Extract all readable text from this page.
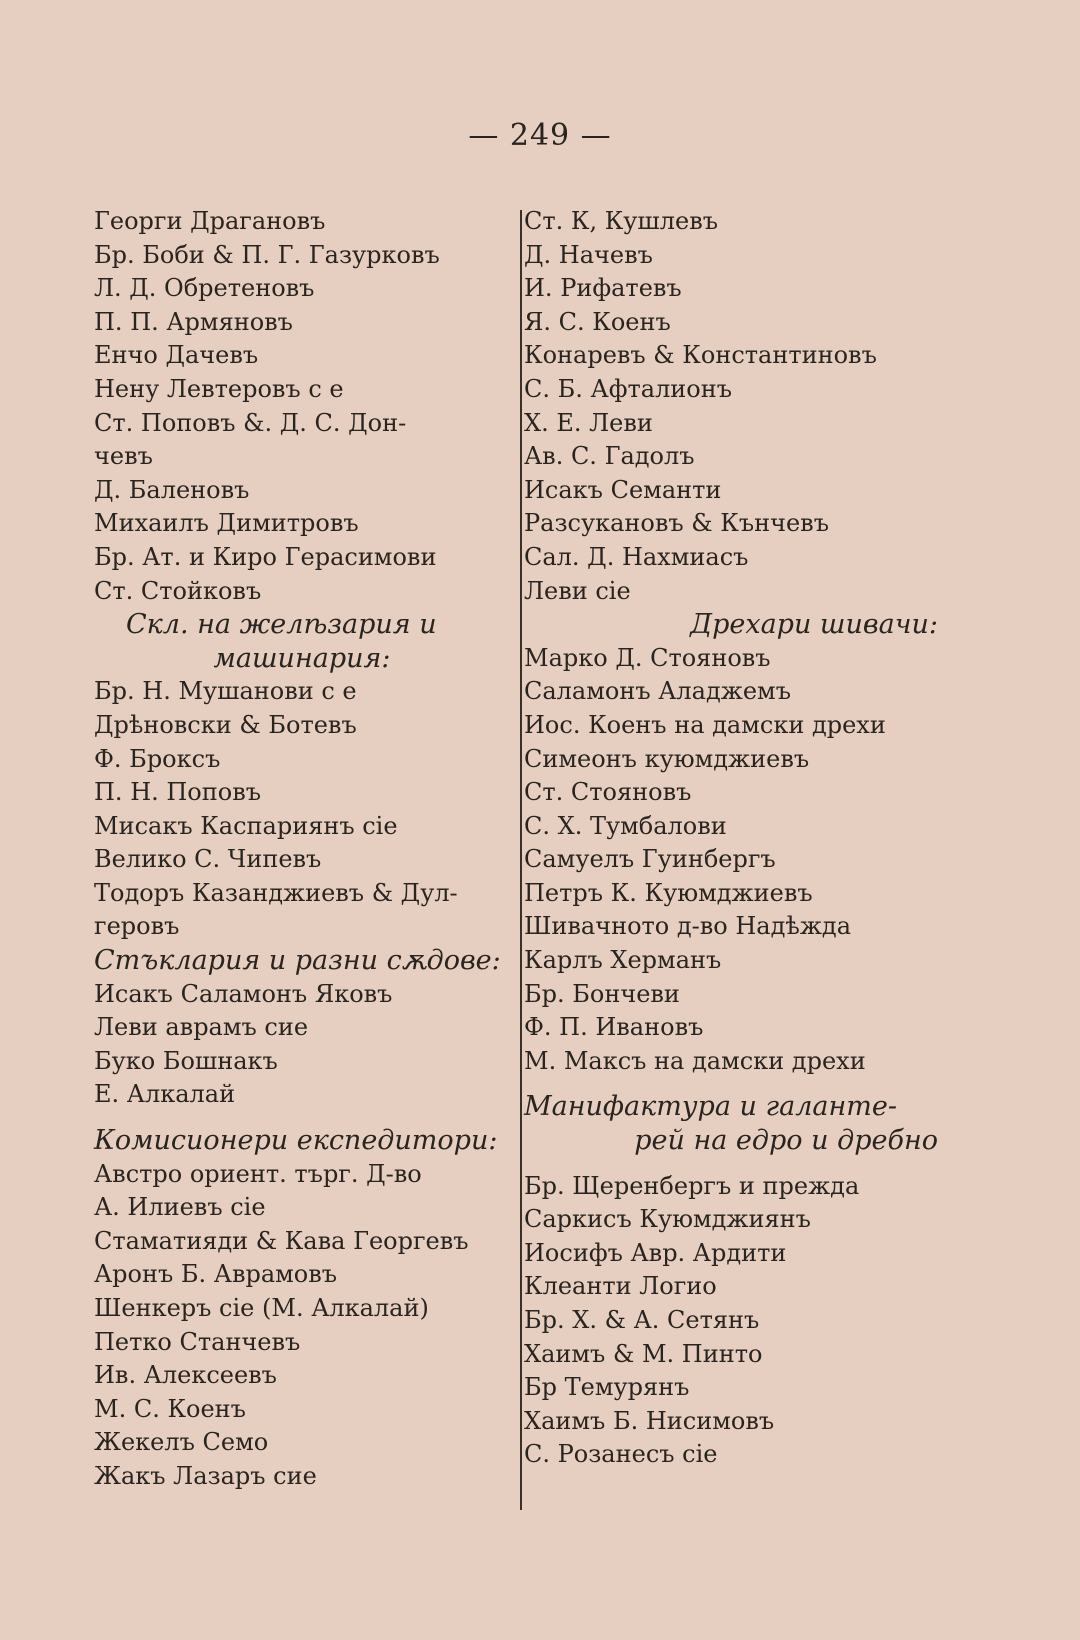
— 249 —
Георги Драгановъ
Бр. Боби & П. Г. Газурковъ
Л. Д. Обретеновъ
П. П. Армяновъ
Енчо Дачевъ
Нену Левтеровъ с е
Ст. Поповъ &. Д. С. Дон-
чевъ
Д. Баленовъ
Михаилъ Димитровъ
Бр. Ат. и Киро Герасимови
Ст. Стойковъ
Скл. на желѣзария и
машинария:
Бр. Н. Мушанови с е
Дрѣновски & Ботевъ
Ф. Броксъ
П. Н. Поповъ
Мисакъ Каспариянъ сіе
Велико С. Чипевъ
Тодоръ Казанджиевъ & Дул-
геровъ
Стъклария и разни сѫдове:
Исакъ Саламонъ Яковъ
Леви аврамъ сие
Буко Бошнакъ
Е. Алкалай
Комисионери експедитори:
Австро ориент. търг. Д-во
А. Илиевъ сіе
Стаматияди & Кава Георгевъ
Аронъ Б. Аврамовъ
Шенкеръ сіе (М. Алкалай)
Петко Станчевъ
Ив. Алексеевъ
М. С. Коенъ
Жекелъ Семо
Жакъ Лазаръ сие
Ст. К, Кушлевъ
Д. Начевъ
И. Рифатевъ
Я. С. Коенъ
Конаревъ & Константиновъ
С. Б. Афталионъ
Х. Е. Леви
Ав. С. Гадолъ
Исакъ Семанти
Разсукановъ & Кънчевъ
Сал. Д. Нахмиасъ
Леви сіе
Дрехари шивачи:
Марко Д. Стояновъ
Саламонъ Аладжемъ
Иос. Коенъ на дамски дрехи
Симеонъ куюмджиевъ
Ст. Стояновъ
С. Х. Тумбалови
Самуелъ Гуинбергъ
Петръ К. Куюмджиевъ
Шивачното д-во Надѣжда
Карлъ Херманъ
Бр. Бончеви
Ф. П. Ивановъ
М. Максъ на дамски дрехи
Манифактура и галанте-
рей на едро и дребно
Бр. Щеренбергъ и прежда
Саркисъ Куюмджиянъ
Иосифъ Авр. Ардити
Клеанти Логио
Бр. Х. & А. Сетянъ
Хаимъ & М. Пинто
Бр Темурянъ
Хаимъ Б. Нисимовъ
С. Розанесъ сіе
